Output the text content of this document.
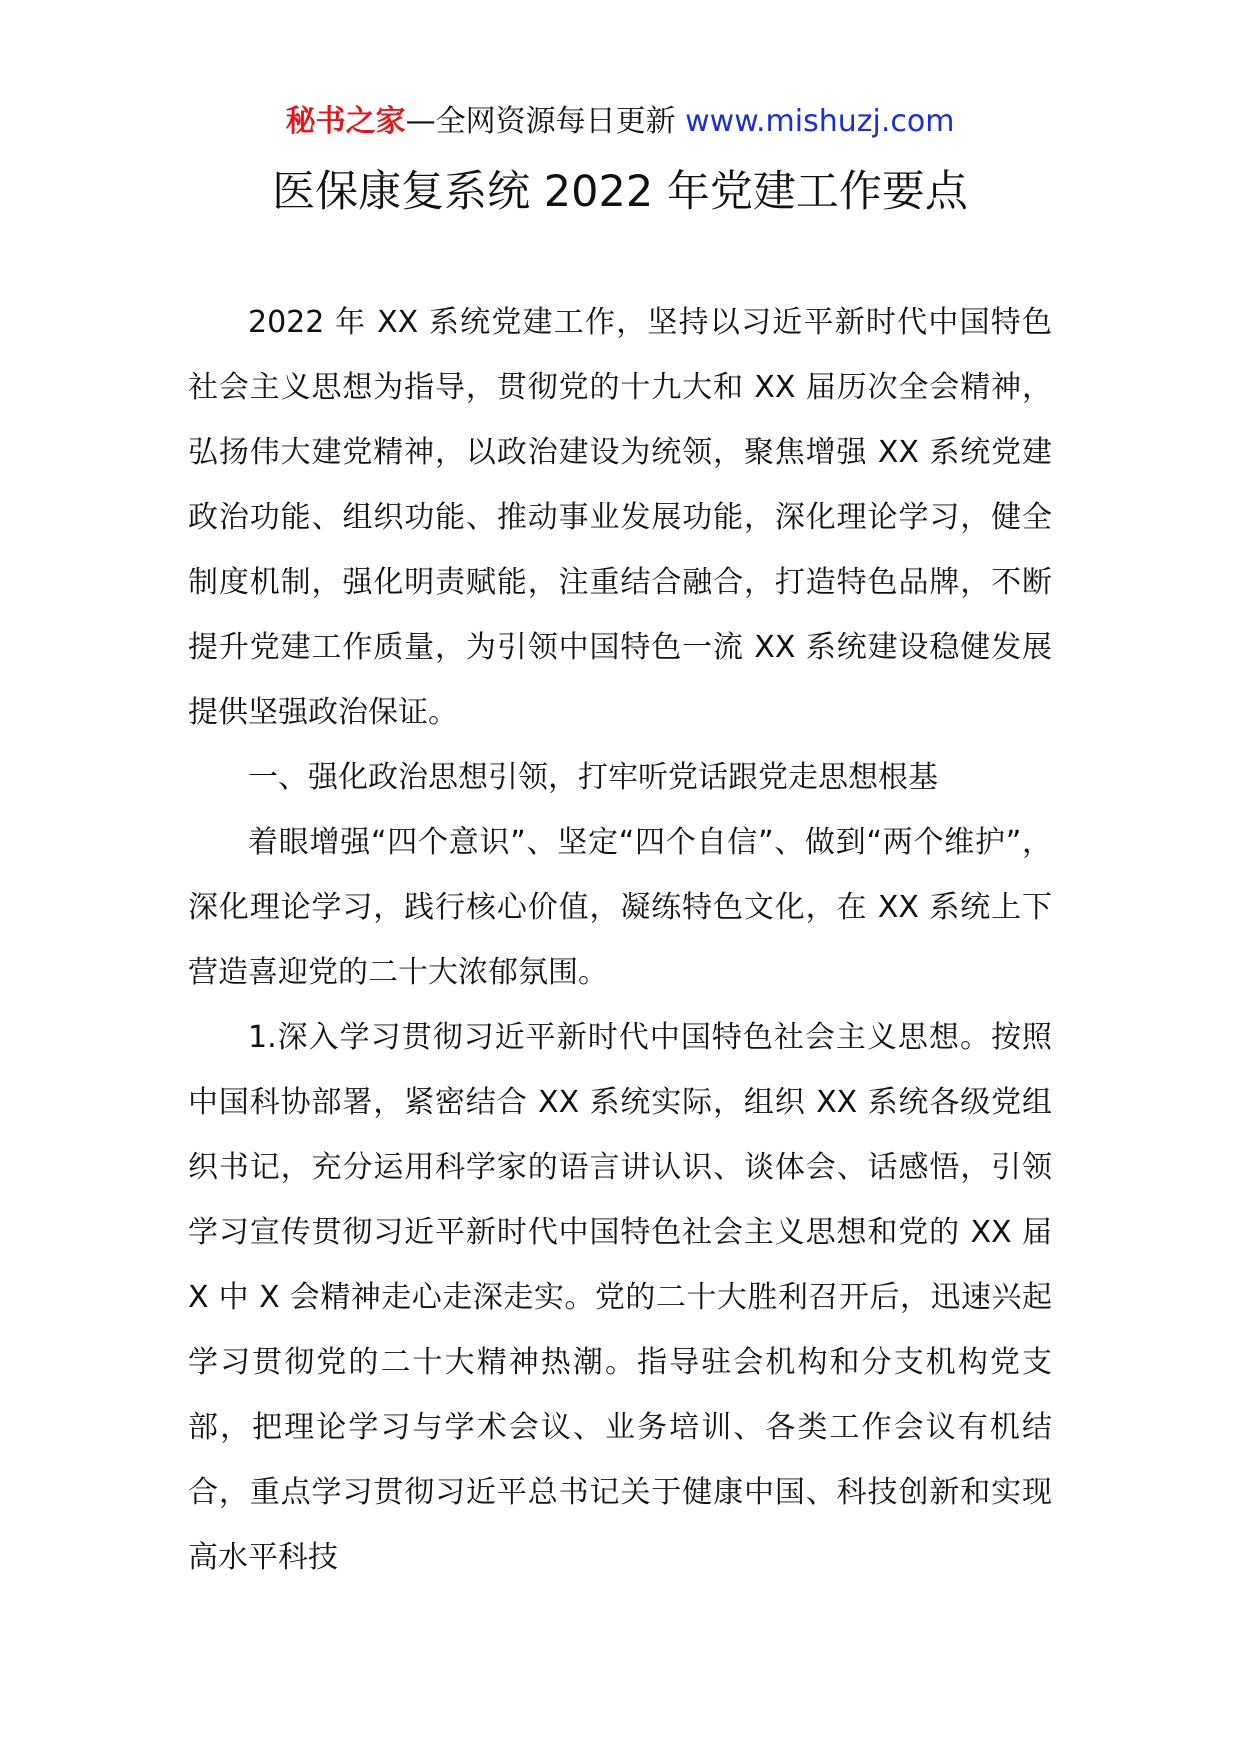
秘书之家—全网资源每日更新 www.mishuzj.com
医保康复系统 2022 年党建工作要点

2022 年 XX 系统党建工作，坚持以习近平新时代中国特色社会主义思想为指导，贯彻党的十九大和 XX 届历次全会精神，弘扬伟大建党精神，以政治建设为统领，聚焦增强 XX 系统党建政治功能、组织功能、推动事业发展功能，深化理论学习，健全制度机制，强化明责赋能，注重结合融合，打造特色品牌，不断提升党建工作质量，为引领中国特色一流 XX 系统建设稳健发展提供坚强政治保证。

一、强化政治思想引领，打牢听党话跟党走思想根基

着眼增强“四个意识”、坚定“四个自信”、做到“两个维护”，深化理论学习，践行核心价值，凝练特色文化，在 XX 系统上下营造喜迎党的二十大浓郁氛围。

1.深入学习贯彻习近平新时代中国特色社会主义思想。按照中国科协部署，紧密结合 XX 系统实际，组织 XX 系统各级党组织书记，充分运用科学家的语言讲认识、谈体会、话感悟，引领学习宣传贯彻习近平新时代中国特色社会主义思想和党的 XX 届 X 中 X 会精神走心走深走实。党的二十大胜利召开后，迅速兴起学习贯彻党的二十大精神热潮。指导驻会机构和分支机构党支部，把理论学习与学术会议、业务培训、各类工作会议有机结合，重点学习贯彻习近平总书记关于健康中国、科技创新和实现高水平科技
